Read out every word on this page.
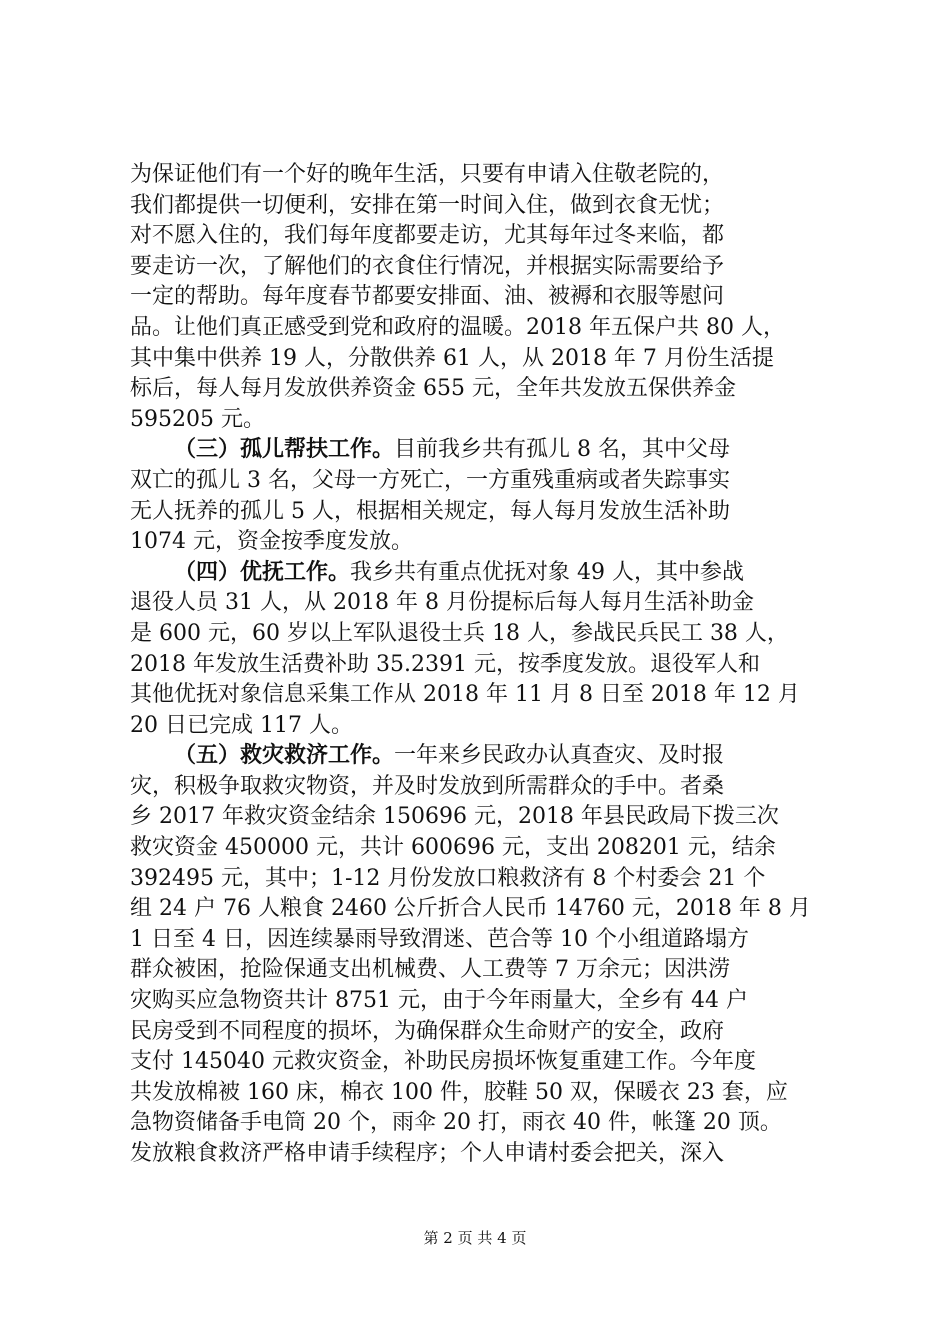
为保证他们有一个好的晚年生活，只要有申请入住敬老院的，
我们都提供一切便利，安排在第一时间入住，做到衣食无忧；
对不愿入住的，我们每年度都要走访，尤其每年过冬来临，都
要走访一次，了解他们的衣食住行情况，并根据实际需要给予
一定的帮助。每年度春节都要安排面、油、被褥和衣服等慰问
品。让他们真正感受到党和政府的温暖。2018 年五保户共 80 人，
其中集中供养 19 人，分散供养 61 人，从 2018 年 7 月份生活提
标后，每人每月发放供养资金 655 元，全年共发放五保供养金
595205 元。
（三）孤儿帮扶工作。目前我乡共有孤儿 8 名，其中父母
双亡的孤儿 3 名，父母一方死亡，一方重残重病或者失踪事实
无人抚养的孤儿 5 人，根据相关规定，每人每月发放生活补助
1074 元，资金按季度发放。
（四）优抚工作。我乡共有重点优抚对象 49 人，其中参战
退役人员 31 人，从 2018 年 8 月份提标后每人每月生活补助金
是 600 元，60 岁以上军队退役士兵 18 人，参战民兵民工 38 人，
2018 年发放生活费补助 35.2391 元，按季度发放。退役军人和
其他优抚对象信息采集工作从 2018 年 11 月 8 日至 2018 年 12 月
20 日已完成 117 人。
（五）救灾救济工作。一年来乡民政办认真查灾、及时报
灾，积极争取救灾物资，并及时发放到所需群众的手中。者桑
乡 2017 年救灾资金结余 150696 元，2018 年县民政局下拨三次
救灾资金 450000 元，共计 600696 元，支出 208201 元，结余
392495 元，其中；1-12 月份发放口粮救济有 8 个村委会 21 个
组 24 户 76 人粮食 2460 公斤折合人民币 14760 元，2018 年 8 月
1 日至 4 日，因连续暴雨导致渭迷、芭合等 10 个小组道路塌方
群众被困，抢险保通支出机械费、人工费等 7 万余元；因洪涝
灾购买应急物资共计 8751 元，由于今年雨量大，全乡有 44 户
民房受到不同程度的损坏，为确保群众生命财产的安全，政府
支付 145040 元救灾资金，补助民房损坏恢复重建工作。今年度
共发放棉被 160 床，棉衣 100 件，胶鞋 50 双，保暖衣 23 套，应
急物资储备手电筒 20 个，雨伞 20 打，雨衣 40 件，帐篷 20 顶。
发放粮食救济严格申请手续程序；个人申请村委会把关，深入
第 2 页 共 4 页
